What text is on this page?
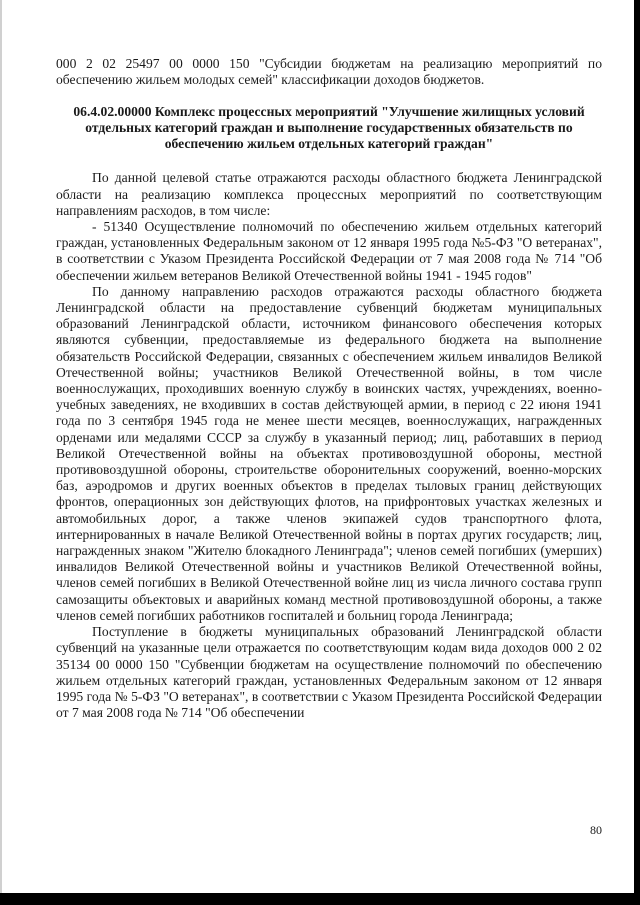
000 2 02 25497 00 0000 150 "Субсидии бюджетам на реализацию мероприятий по обеспечению жильем молодых семей" классификации доходов бюджетов.

06.4.02.00000 Комплекс процессных мероприятий "Улучшение жилищных условий отдельных категорий граждан и выполнение государственных обязательств по обеспечению жильем отдельных категорий граждан"

По данной целевой статье отражаются расходы областного бюджета Ленинградской области на реализацию комплекса процессных мероприятий по соответствующим направлениям расходов, в том числе:

- 51340 Осуществление полномочий по обеспечению жильем отдельных категорий граждан, установленных Федеральным законом от 12 января 1995 года №5-ФЗ "О ветеранах", в соответствии с Указом Президента Российской Федерации от 7 мая 2008 года № 714 "Об обеспечении жильем ветеранов Великой Отечественной войны 1941 - 1945 годов"

По данному направлению расходов отражаются расходы областного бюджета Ленинградской области на предоставление субвенций бюджетам муниципальных образований Ленинградской области, источником финансового обеспечения которых являются субвенции, предоставляемые из федерального бюджета на выполнение обязательств Российской Федерации, связанных с обеспечением жильем инвалидов Великой Отечественной войны; участников Великой Отечественной войны, в том числе военнослужащих, проходивших военную службу в воинских частях, учреждениях, военно-учебных заведениях, не входивших в состав действующей армии, в период с 22 июня 1941 года по 3 сентября 1945 года не менее шести месяцев, военнослужащих, награжденных орденами или медалями СССР за службу в указанный период; лиц, работавших в период Великой Отечественной войны на объектах противовоздушной обороны, местной противовоздушной обороны, строительстве оборонительных сооружений, военно-морских баз, аэродромов и других военных объектов в пределах тыловых границ действующих фронтов, операционных зон действующих флотов, на прифронтовых участках железных и автомобильных дорог, а также членов экипажей судов транспортного флота, интернированных в начале Великой Отечественной войны в портах других государств; лиц, награжденных знаком "Жителю блокадного Ленинграда"; членов семей погибших (умерших) инвалидов Великой Отечественной войны и участников Великой Отечественной войны, членов семей погибших в Великой Отечественной войне лиц из числа личного состава групп самозащиты объектовых и аварийных команд местной противовоздушной обороны, а также членов семей погибших работников госпиталей и больниц города Ленинграда;

Поступление в бюджеты муниципальных образований Ленинградской области субвенций на указанные цели отражается по соответствующим кодам вида доходов 000 2 02 35134 00 0000 150 "Субвенции бюджетам на осуществление полномочий по обеспечению жильем отдельных категорий граждан, установленных Федеральным законом от 12 января 1995 года № 5-ФЗ "О ветеранах", в соответствии с Указом Президента Российской Федерации от 7 мая 2008 года № 714 "Об обеспечении

80
